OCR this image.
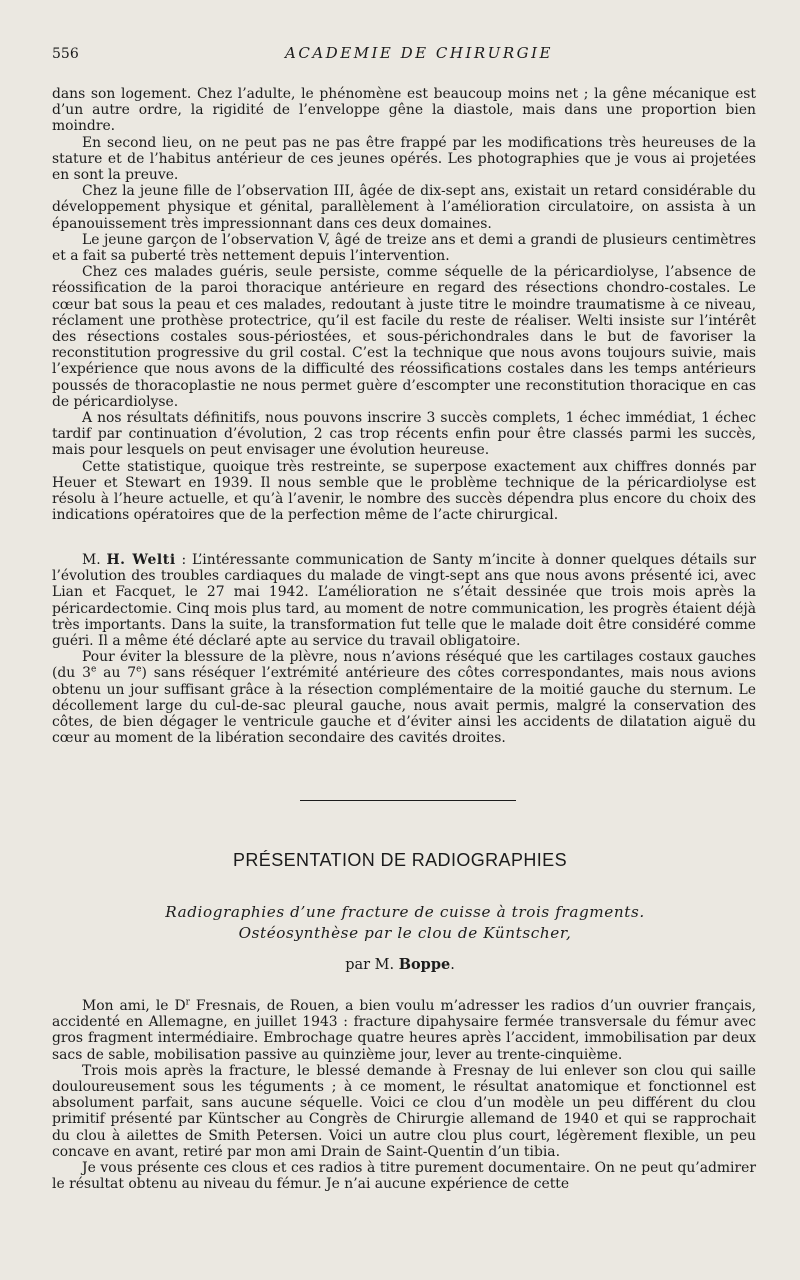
556	ACADEMIE DE CHIRURGIE

dans son logement. Chez l’adulte, le phénomène est beaucoup moins net ; la gêne mécanique est d’un autre ordre, la rigidité de l’enveloppe gêne la diastole, mais dans une proportion bien moindre.

En second lieu, on ne peut pas ne pas être frappé par les modifications très heureuses de la stature et de l’habitus antérieur de ces jeunes opérés. Les photographies que je vous ai projetées en sont la preuve.

Chez la jeune fille de l’observation III, âgée de dix-sept ans, existait un retard considérable du développement physique et génital, parallèlement à l’amélioration circulatoire, on assista à un épanouissement très impressionnant dans ces deux domaines.

Le jeune garçon de l’observation V, âgé de treize ans et demi a grandi de plusieurs centimètres et a fait sa puberté très nettement depuis l’intervention.

Chez ces malades guéris, seule persiste, comme séquelle de la péricardiolyse, l’absence de réossification de la paroi thoracique antérieure en regard des résections chondro-costales. Le cœur bat sous la peau et ces malades, redoutant à juste titre le moindre traumatisme à ce niveau, réclament une prothèse protectrice, qu’il est facile du reste de réaliser. Welti insiste sur l’intérêt des résections costales sous-périostées, et sous-périchondrales dans le but de favoriser la reconstitution progressive du gril costal. C’est la technique que nous avons toujours suivie, mais l’expérience que nous avons de la difficulté des réossifications costales dans les temps antérieurs poussés de thoracoplastie ne nous permet guère d’escompter une reconstitution thoracique en cas de péricardiolyse.

A nos résultats définitifs, nous pouvons inscrire 3 succès complets, 1 échec immédiat, 1 échec tardif par continuation d’évolution, 2 cas trop récents enfin pour être classés parmi les succès, mais pour lesquels on peut envisager une évolution heureuse.

Cette statistique, quoique très restreinte, se superpose exactement aux chiffres donnés par Heuer et Stewart en 1939. Il nous semble que le problème technique de la péricardiolyse est résolu à l’heure actuelle, et qu’à l’avenir, le nombre des succès dépendra plus encore du choix des indications opératoires que de la perfection même de l’acte chirurgical.

M. H. Welti : L’intéressante communication de Santy m’incite à donner quelques détails sur l’évolution des troubles cardiaques du malade de vingt-sept ans que nous avons présenté ici, avec Lian et Facquet, le 27 mai 1942. L’amélioration ne s’était dessinée que trois mois après la péricardectomie. Cinq mois plus tard, au moment de notre communication, les progrès étaient déjà très importants. Dans la suite, la transformation fut telle que le malade doit être considéré comme guéri. Il a même été déclaré apte au service du travail obligatoire.

Pour éviter la blessure de la plèvre, nous n’avions réséqué que les cartilages costaux gauches (du 3e au 7e) sans réséquer l’extrémité antérieure des côtes correspondantes, mais nous avions obtenu un jour suffisant grâce à la résection complémentaire de la moitié gauche du sternum. Le décollement large du cul-de-sac pleural gauche, nous avait permis, malgré la conservation des côtes, de bien dégager le ventricule gauche et d’éviter ainsi les accidents de dilatation aiguë du cœur au moment de la libération secondaire des cavités droites.

PRÉSENTATION DE RADIOGRAPHIES
Radiographies d’une fracture de cuisse à trois fragments.
Ostéosynthèse par le clou de Küntscher,
par M. Boppe.

Mon ami, le $D^r$ Fresnais, de Rouen, a bien voulu m’adresser les radios d’un ouvrier français, accidenté en Allemagne, en juillet 1943 : fracture dipahysaire fermée transversale du fémur avec gros fragment intermédiaire. Embrochage quatre heures après l’accident, immobilisation par deux sacs de sable, mobilisation passive au quinzième jour, lever au trente-cinquième.

Trois mois après la fracture, le blessé demande à Fresnay de lui enlever son clou qui saille douloureusement sous les téguments ; à ce moment, le résultat anatomique et fonctionnel est absolument parfait, sans aucune séquelle. Voici ce clou d’un modèle un peu différent du clou primitif présenté par Küntscher au Congrès de Chirurgie allemand de 1940 et qui se rapprochait du clou à ailettes de Smith Petersen. Voici un autre clou plus court, légèrement flexible, un peu concave en avant, retiré par mon ami Drain de Saint-Quentin d’un tibia.

Je vous présente ces clous et ces radios à titre purement documentaire. On ne peut qu’admirer le résultat obtenu au niveau du fémur. Je n’ai aucune expérience de cette
